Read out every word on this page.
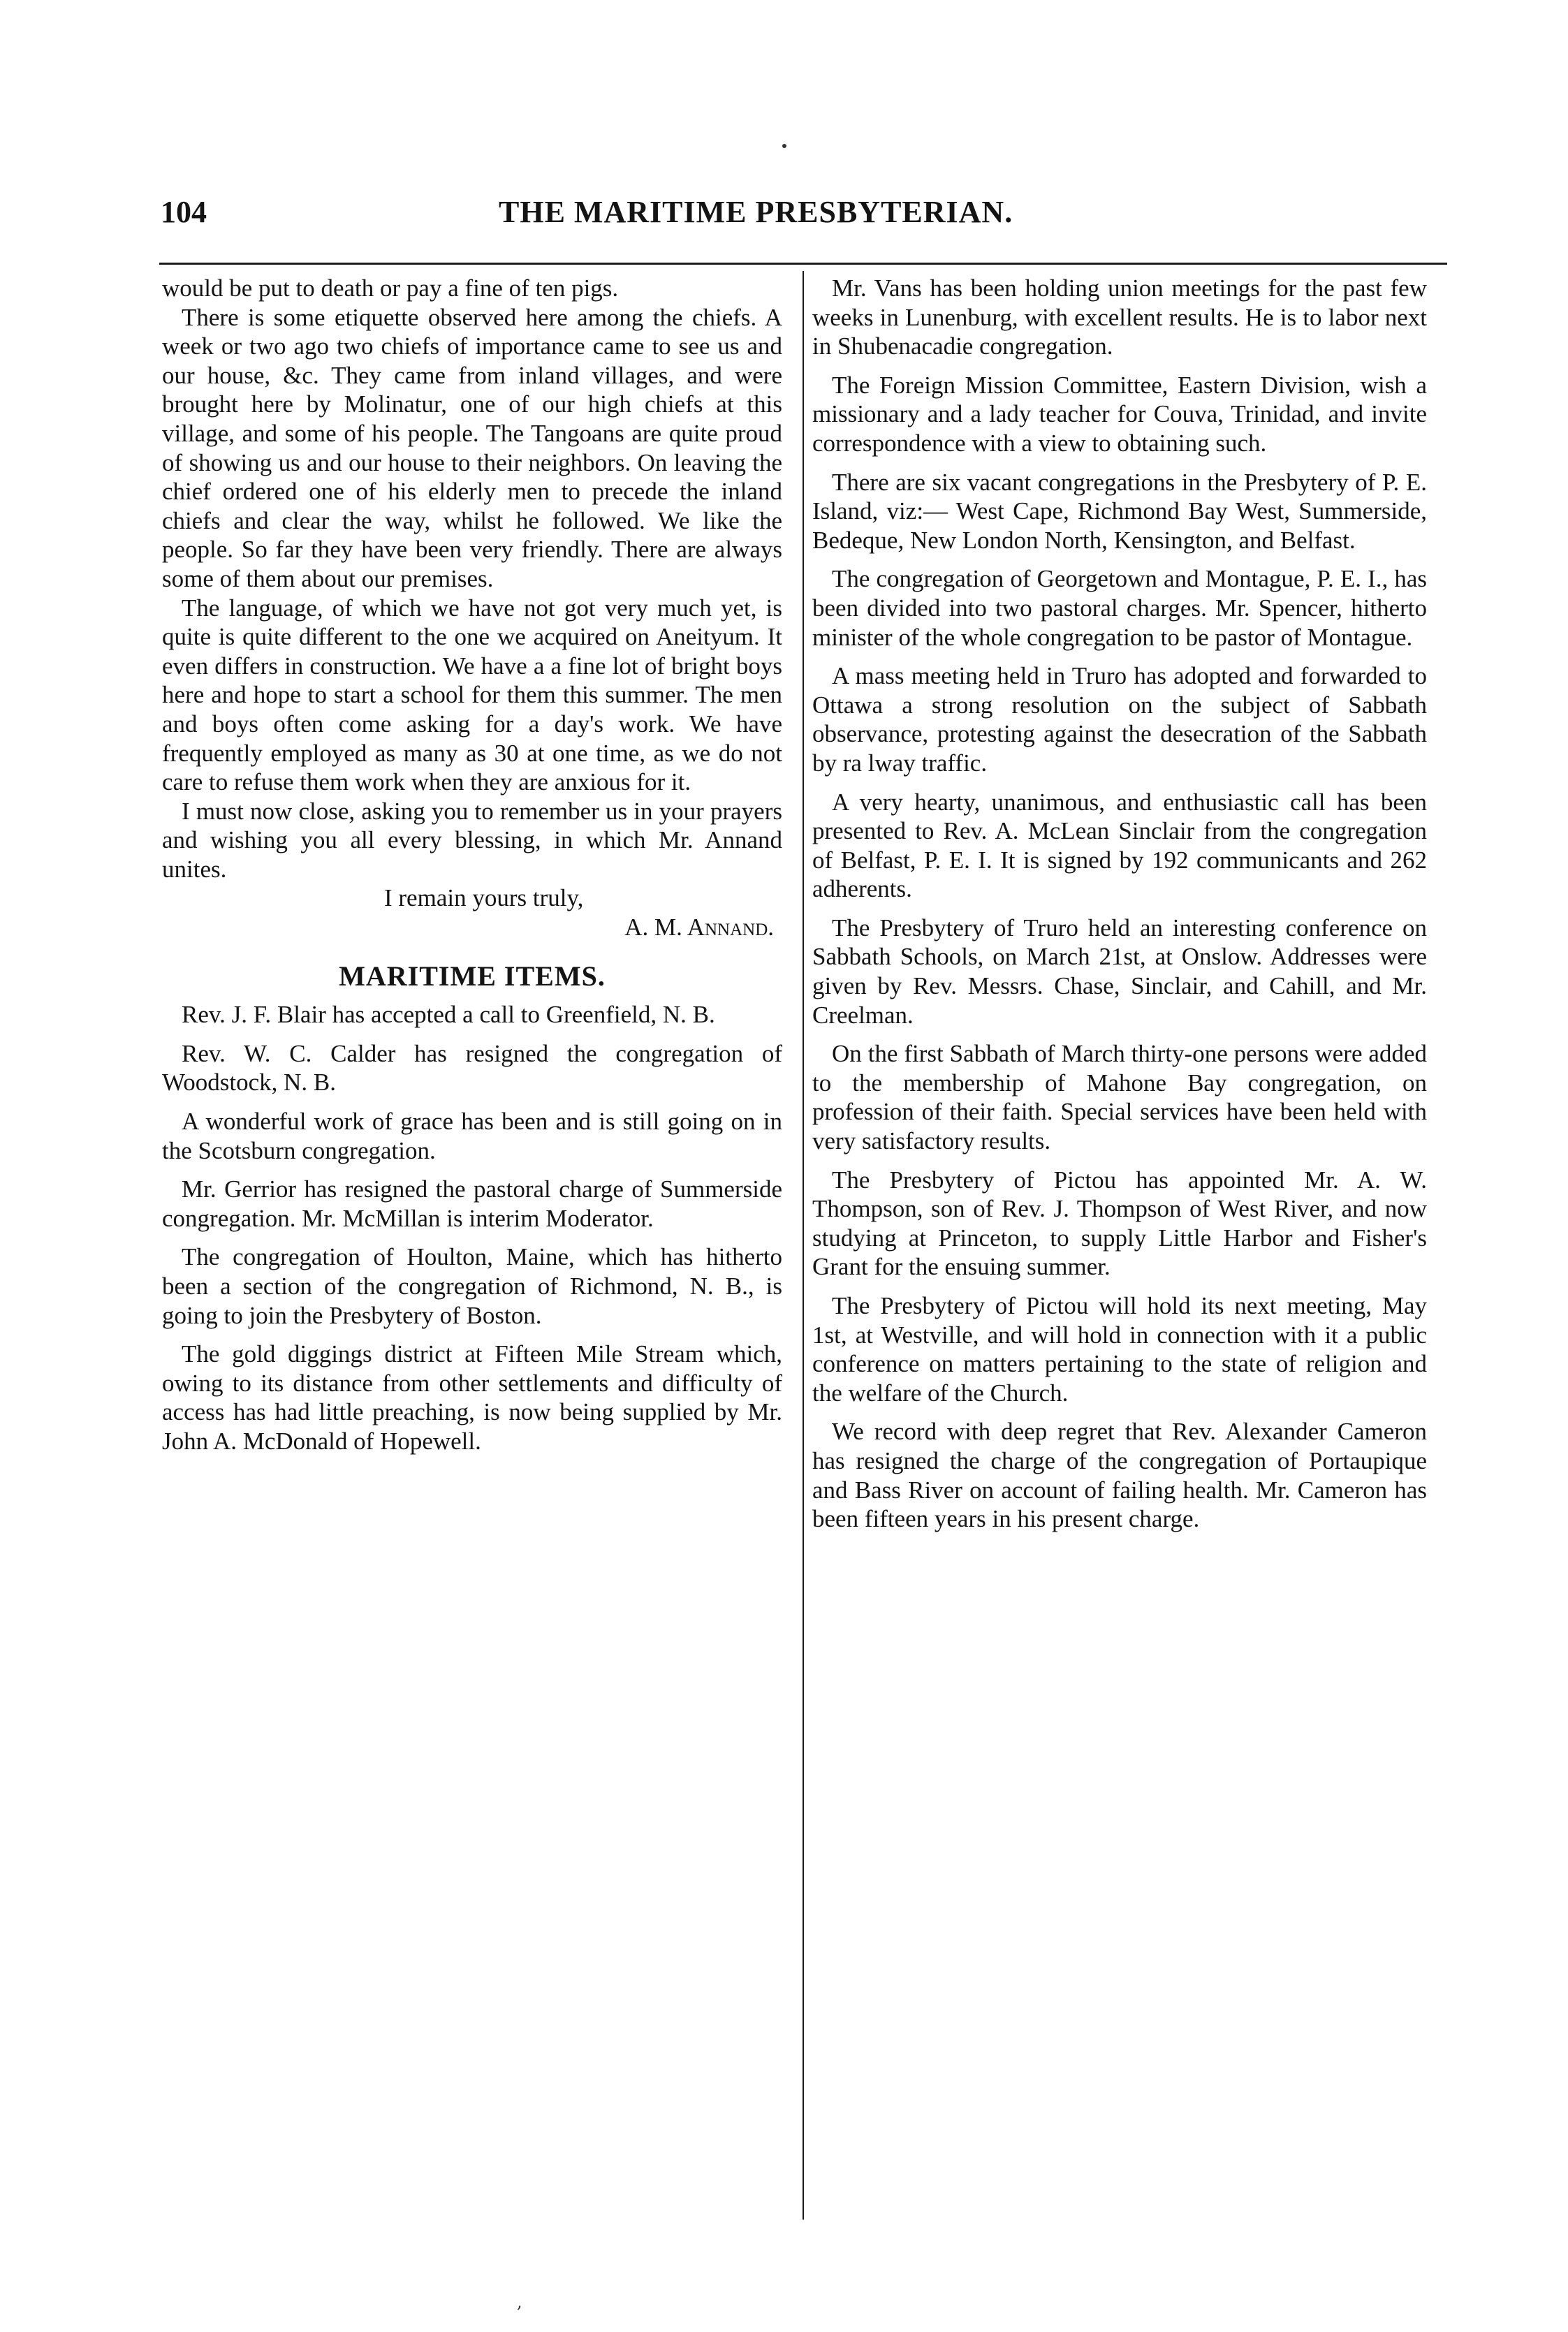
104	THE MARITIME PRESBYTERIAN.

would be put to death or pay a fine of ten pigs.

There is some etiquette observed here among the chiefs. A week or two ago two chiefs of importance came to see us and our house, &c. They came from inland villages, and were brought here by Molinatur, one of our high chiefs at this village, and some of his people. The Tangoans are quite proud of showing us and our house to their neighbors. On leaving the chief ordered one of his elderly men to precede the inland chiefs and clear the way, whilst he followed. We like the people. So far they have been very friendly. There are always some of them about our premises.

The language, of which we have not got very much yet, is quite is quite different to the one we acquired on Aneityum. It even differs in construction. We have a a fine lot of bright boys here and hope to start a school for them this summer. The men and boys often come asking for a day's work. We have frequently employed as many as 30 at one time, as we do not care to refuse them work when they are anxious for it.

I must now close, asking you to remember us in your prayers and wishing you all every blessing, in which Mr. Annand unites.

I remain yours truly,

A. M. Annand.

MARITIME ITEMS.

Rev. J. F. Blair has accepted a call to Greenfield, N. B.

Rev. W. C. Calder has resigned the congregation of Woodstock, N. B.

A wonderful work of grace has been and is still going on in the Scotsburn congregation.

Mr. Gerrior has resigned the pastoral charge of Summerside congregation. Mr. McMillan is interim Moderator.

The congregation of Houlton, Maine, which has hitherto been a section of the congregation of Richmond, N. B., is going to join the Presbytery of Boston.

The gold diggings district at Fifteen Mile Stream which, owing to its distance from other settlements and difficulty of access has had little preaching, is now being supplied by Mr. John A. McDonald of Hopewell.

Mr. Vans has been holding union meetings for the past few weeks in Lunenburg, with excellent results. He is to labor next in Shubenacadie congregation.

The Foreign Mission Committee, Eastern Division, wish a missionary and a lady teacher for Couva, Trinidad, and invite correspondence with a view to obtaining such.

There are six vacant congregations in the Presbytery of P. E. Island, viz:— West Cape, Richmond Bay West, Summerside, Bedeque, New London North, Kensington, and Belfast.

The congregation of Georgetown and Montague, P. E. I., has been divided into two pastoral charges. Mr. Spencer, hitherto minister of the whole congregation to be pastor of Montague.

A mass meeting held in Truro has adopted and forwarded to Ottawa a strong resolution on the subject of Sabbath observance, protesting against the desecration of the Sabbath by ra lway traffic.

A very hearty, unanimous, and enthusiastic call has been presented to Rev. A. McLean Sinclair from the congregation of Belfast, P. E. I. It is signed by 192 communicants and 262 adherents.

The Presbytery of Truro held an interesting conference on Sabbath Schools, on March 21st, at Onslow. Addresses were given by Rev. Messrs. Chase, Sinclair, and Cahill, and Mr. Creelman.

On the first Sabbath of March thirty-one persons were added to the membership of Mahone Bay congregation, on profession of their faith. Special services have been held with very satisfactory results.

The Presbytery of Pictou has appointed Mr. A. W. Thompson, son of Rev. J. Thompson of West River, and now studying at Princeton, to supply Little Harbor and Fisher's Grant for the ensuing summer.

The Presbytery of Pictou will hold its next meeting, May 1st, at Westville, and will hold in connection with it a public conference on matters pertaining to the state of religion and the welfare of the Church.

We record with deep regret that Rev. Alexander Cameron has resigned the charge of the congregation of Portaupique and Bass River on account of failing health. Mr. Cameron has been fifteen years in his present charge.

,
